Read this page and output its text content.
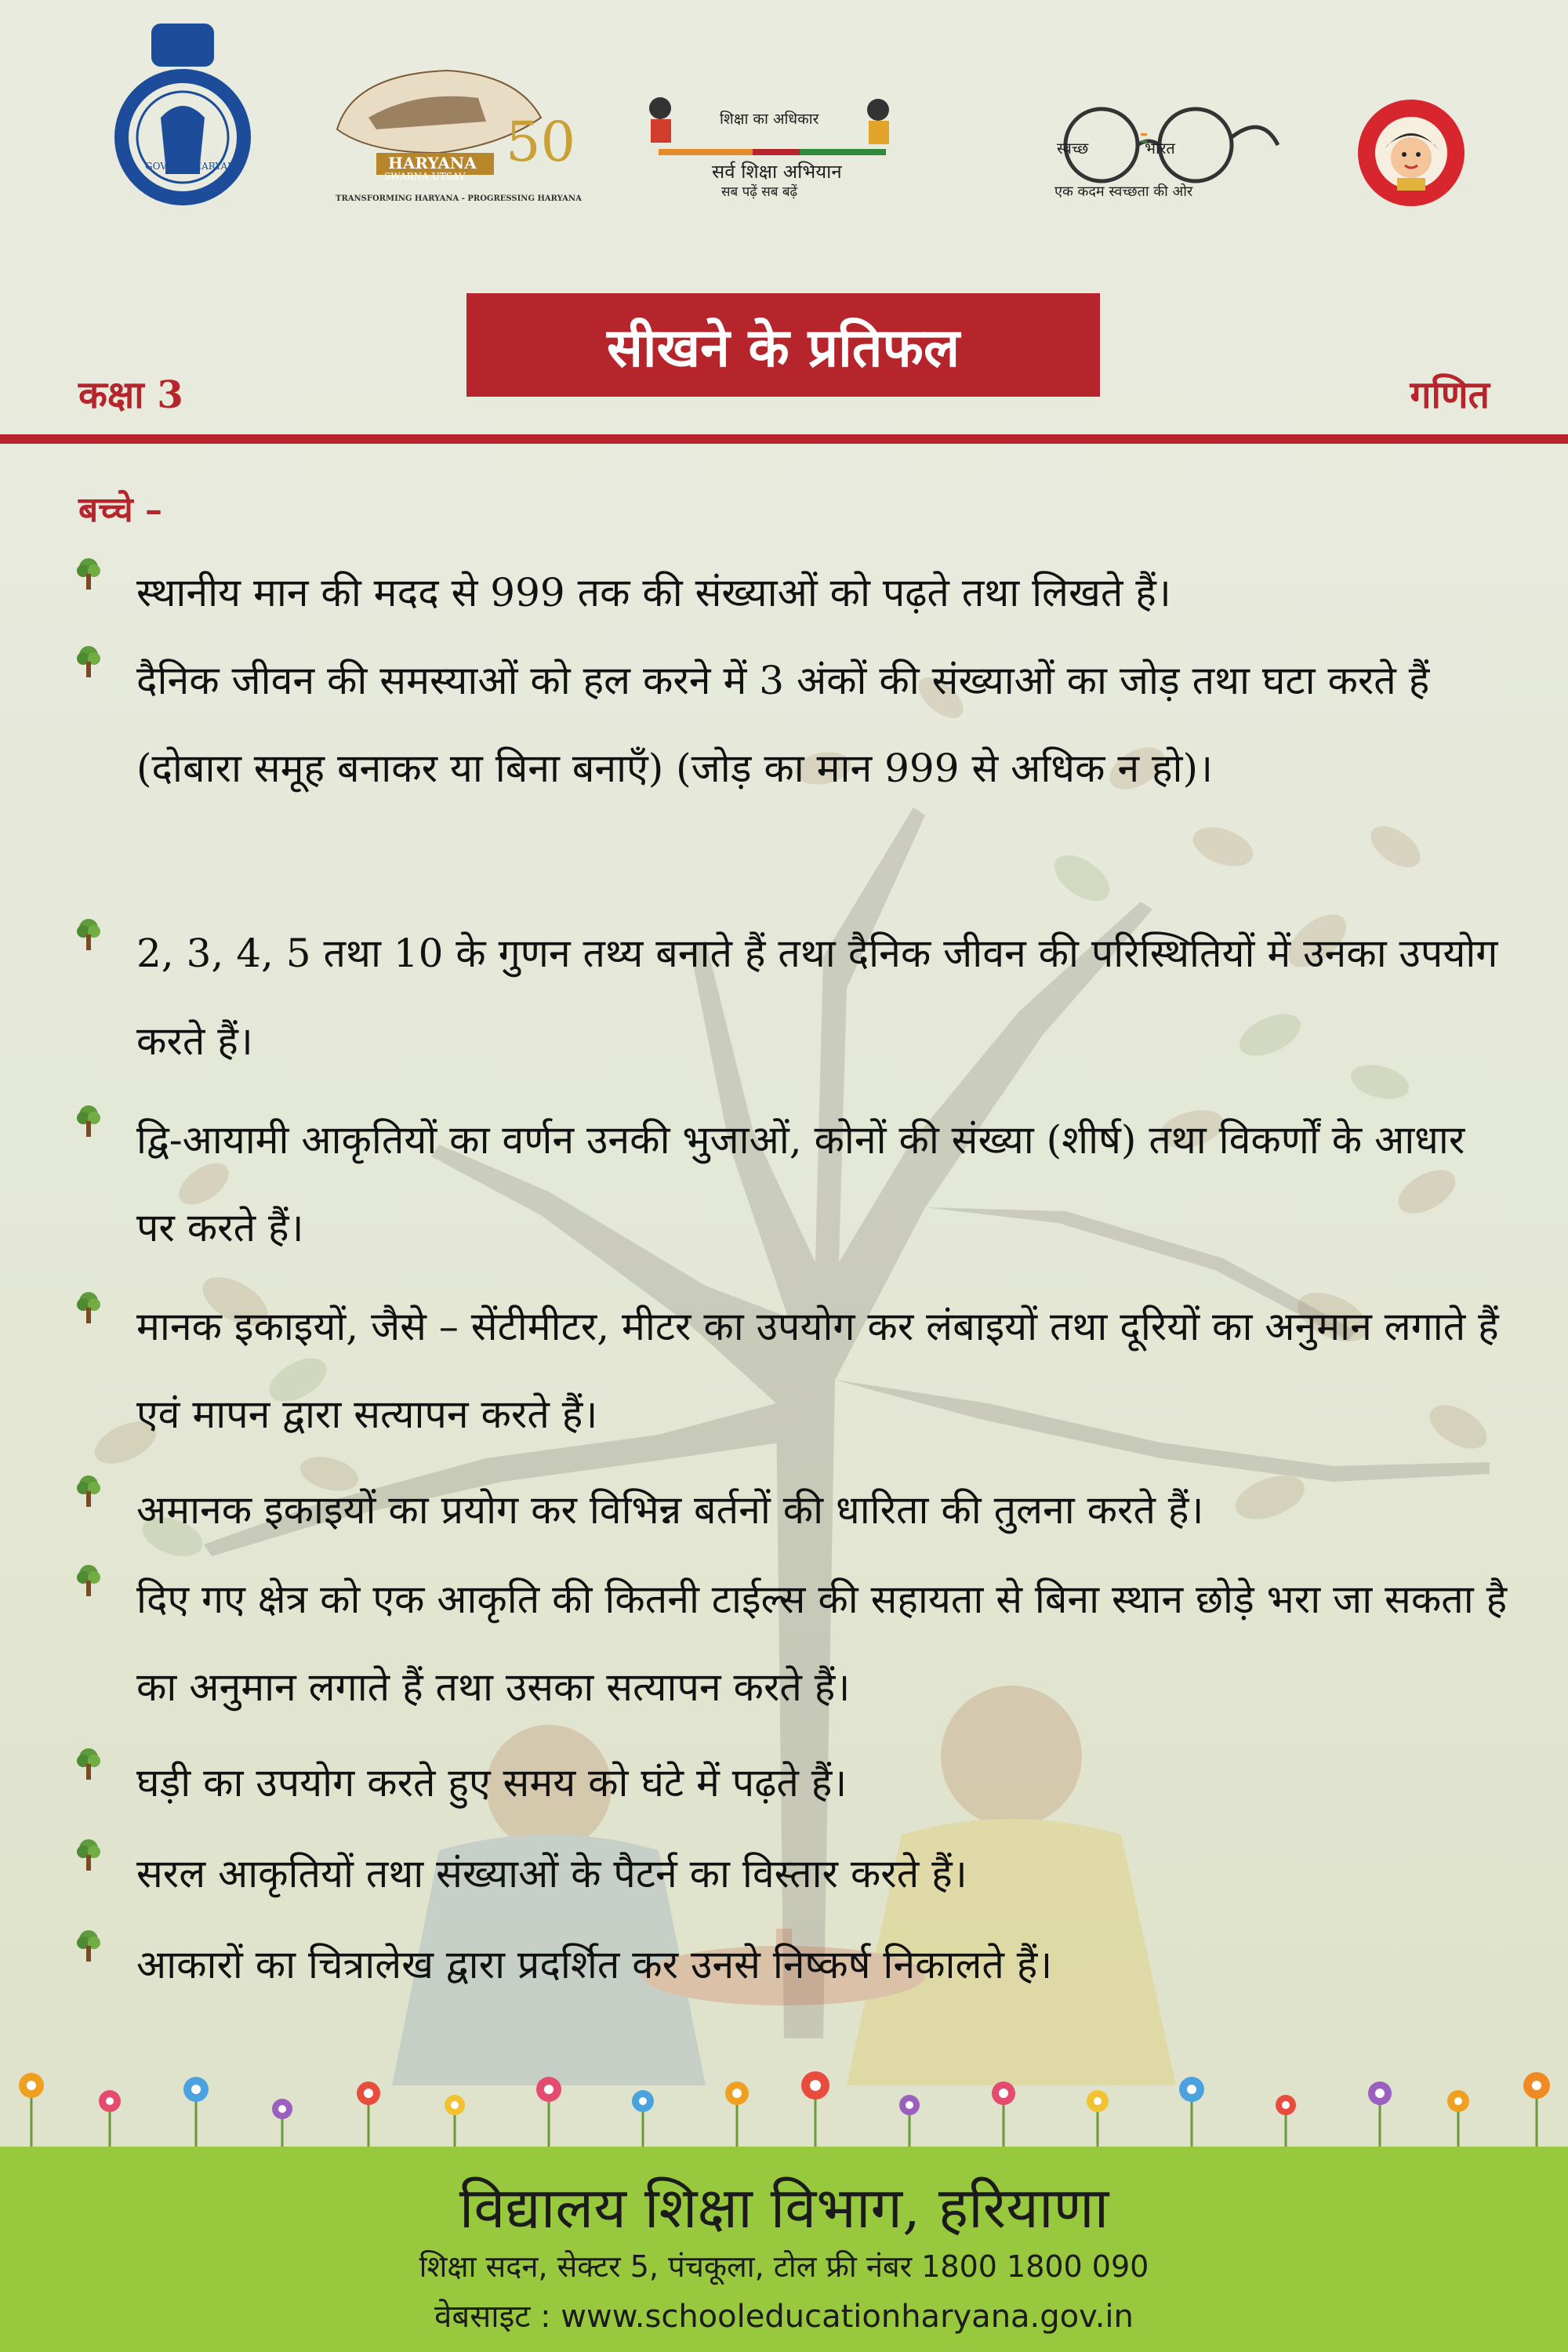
GOVT OF HARYANA	50
HARYANA
SWARNA UTSAV
TRANSFORMING HARYANA - PROGRESSING HARYANA
शिक्षा का अधिकार
सर्व शिक्षा अभियान
सब पढ़ें सब बढ़ें
स्वच्छ	भारत
एक कदम स्वच्छता की ओर
सीखने के प्रतिफल
कक्षा 3	गणित
बच्चे –
स्थानीय मान की मदद से 999 तक की संख्याओं को पढ़ते तथा लिखते हैं।
दैनिक जीवन की समस्याओं को हल करने में 3 अंकों की संख्याओं का जोड़ तथा घटा करते हैं (दोबारा समूह बनाकर या बिना बनाएँ) (जोड़ का मान 999 से अधिक न हो)।
2, 3, 4, 5 तथा 10 के गुणन तथ्य बनाते हैं तथा दैनिक जीवन की परिस्थितियों में उनका उपयोग करते हैं।
द्वि-आयामी आकृतियों का वर्णन उनकी भुजाओं, कोनों की संख्या (शीर्ष) तथा विकर्णों के आधार पर करते हैं।
मानक इकाइयों, जैसे – सेंटीमीटर, मीटर का उपयोग कर लंबाइयों तथा दूरियों का अनुमान लगाते हैं एवं मापन द्वारा सत्यापन करते हैं।
अमानक इकाइयों का प्रयोग कर विभिन्न बर्तनों की धारिता की तुलना करते हैं।
दिए गए क्षेत्र को एक आकृति की कितनी टाईल्स की सहायता से बिना स्थान छोड़े भरा जा सकता है का अनुमान लगाते हैं तथा उसका सत्यापन करते हैं।
घड़ी का उपयोग करते हुए समय को घंटे में पढ़ते हैं।
सरल आकृतियों तथा संख्याओं के पैटर्न का विस्तार करते हैं।
आकारों का चित्रालेख द्वारा प्रदर्शित कर उनसे निष्कर्ष निकालते हैं।
विद्यालय शिक्षा विभाग, हरियाणा
शिक्षा सदन, सेक्टर 5, पंचकूला, टोल फ्री नंबर 1800 1800 090
वेबसाइट : www.schooleducationharyana.gov.in
